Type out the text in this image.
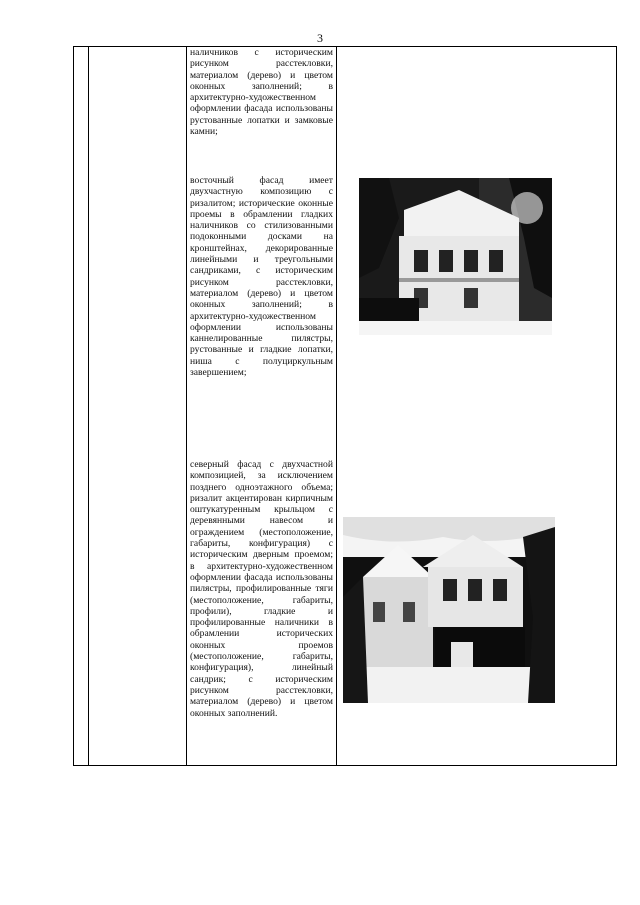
3

наличников с историческим рисунком расстекловки, материалом (дерево) и цветом оконных заполнений; в архитектурно-художественном оформлении фасада использованы рустованные лопатки и замковые камни;

восточный фасад имеет двухчастную композицию с ризалитом; исторические оконные проемы в обрамлении гладких наличников со стилизованными подоконными досками на кронштейнах, декорированные линейными и треугольными сандриками, с историческим рисунком расстекловки, материалом (дерево) и цветом оконных заполнений; в архитектурно-художественном оформлении использованы каннелированные пилястры, рустованные и гладкие лопатки, ниша с полуциркульным завершением;

северный фасад с двухчастной композицией, за исключением позднего одноэтажного объема; ризалит акцентирован кирпичным оштукатуренным крыльцом с деревянными навесом и ограждением (местоположение, габариты, конфигурация) с историческим дверным проемом; в архитектурно-художественном оформлении фасада использованы пилястры, профилированные тяги (местоположение, габариты, профили), гладкие и профилированные наличники в обрамлении исторических оконных проемов (местоположение, габариты, конфигурация), линейный сандрик; с историческим рисунком расстекловки, материалом (дерево) и цветом оконных заполнений.
